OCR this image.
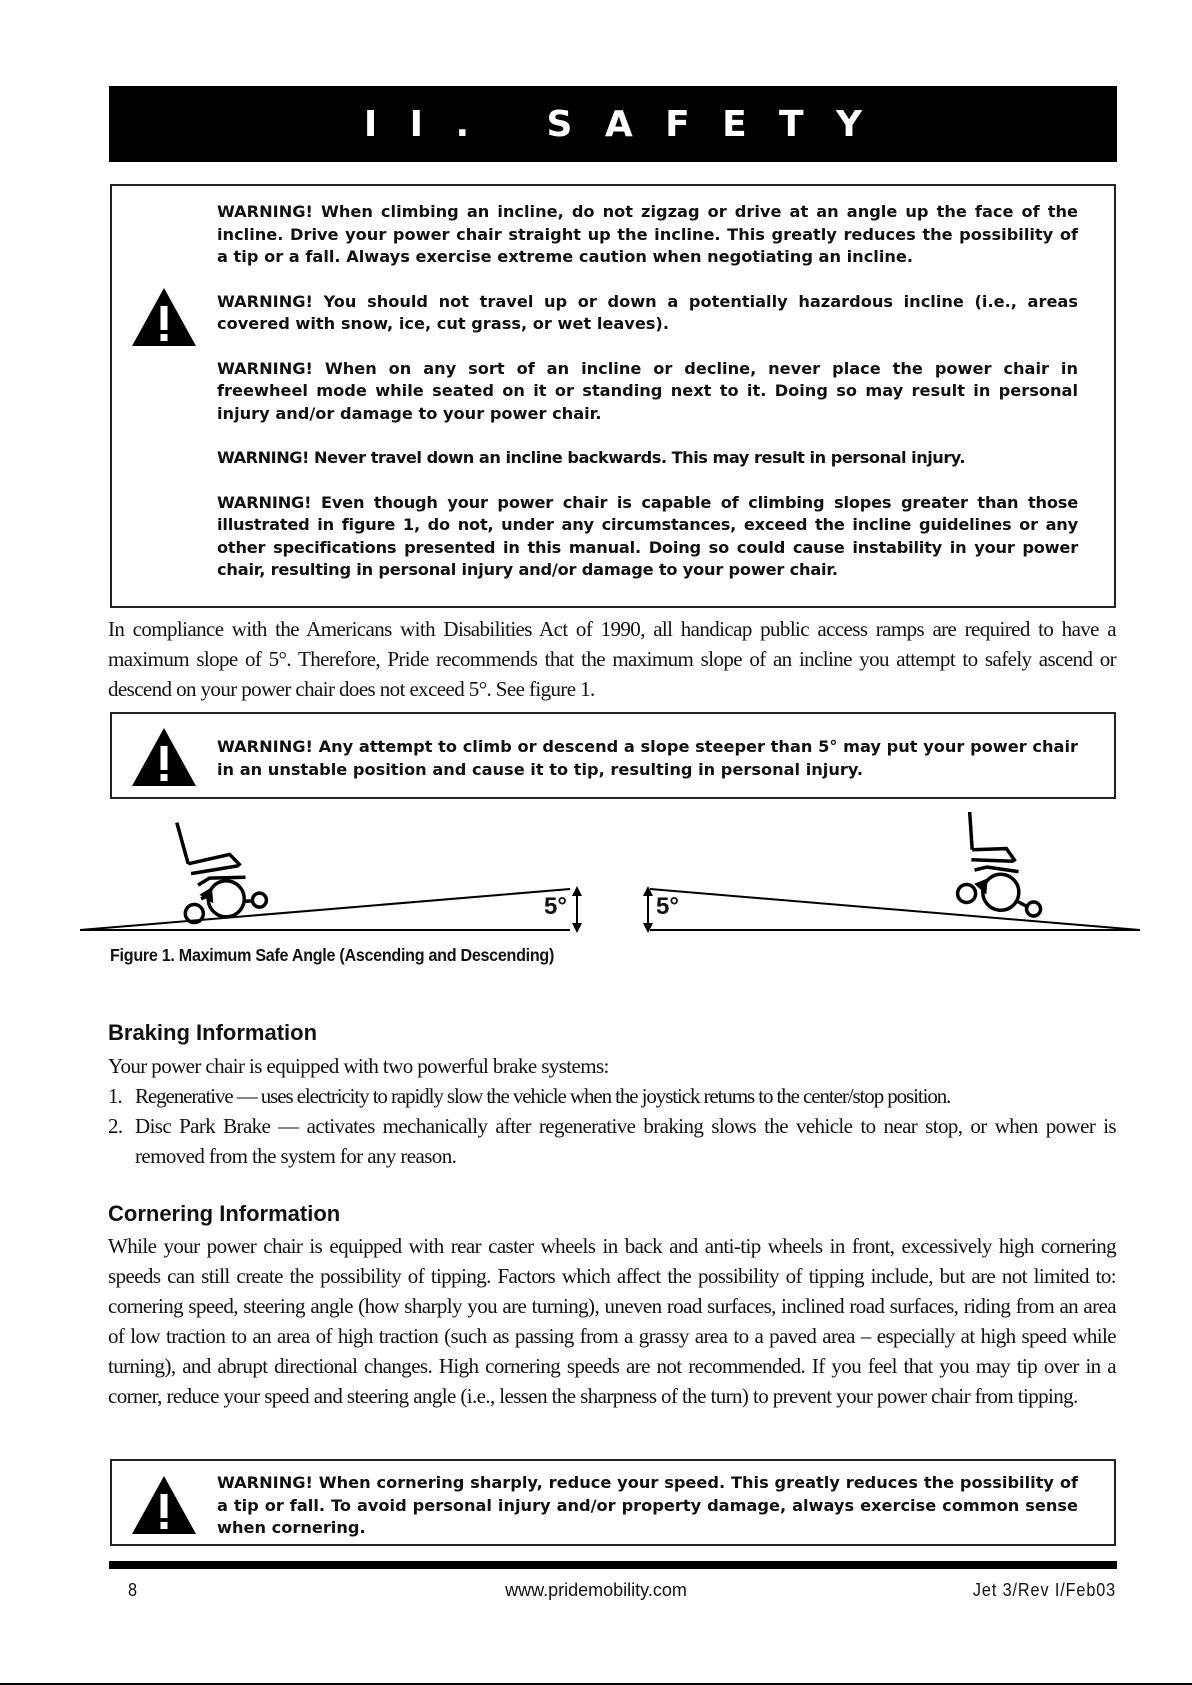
II. SAFETY

WARNING! When climbing an incline, do not zigzag or drive at an angle up the face of the incline. Drive your power chair straight up the incline. This greatly reduces the possibility of a tip or a fall. Always exercise extreme caution when negotiating an incline.

WARNING! You should not travel up or down a potentially hazardous incline (i.e., areas covered with snow, ice, cut grass, or wet leaves).

WARNING! When on any sort of an incline or decline, never place the power chair in freewheel mode while seated on it or standing next to it. Doing so may result in personal injury and/or damage to your power chair.

WARNING! Never travel down an incline backwards. This may result in personal injury.

WARNING! Even though your power chair is capable of climbing slopes greater than those illustrated in figure 1, do not, under any circumstances, exceed the incline guidelines or any other specifications presented in this manual. Doing so could cause instability in your power chair, resulting in personal injury and/or damage to your power chair.

In compliance with the Americans with Disabilities Act of 1990, all handicap public access ramps are required to have a maximum slope of 5°. Therefore, Pride recommends that the maximum slope of an incline you attempt to safely ascend or descend on your power chair does not exceed 5°. See figure 1.

WARNING! Any attempt to climb or descend a slope steeper than 5° may put your power chair in an unstable position and cause it to tip, resulting in personal injury.
5°	5°
Figure 1. Maximum Safe Angle (Ascending and Descending)
Braking Information

Your power chair is equipped with two powerful brake systems:

1. Regenerative — uses electricity to rapidly slow the vehicle when the joystick returns to the center/stop position.
2. Disc Park Brake — activates mechanically after regenerative braking slows the vehicle to near stop, or when power is removed from the system for any reason.
Cornering Information

While your power chair is equipped with rear caster wheels in back and anti-tip wheels in front, excessively high cornering speeds can still create the possibility of tipping. Factors which affect the possibility of tipping include, but are not limited to: cornering speed, steering angle (how sharply you are turning), uneven road surfaces, inclined road surfaces, riding from an area of low traction to an area of high traction (such as passing from a grassy area to a paved area – especially at high speed while turning), and abrupt directional changes. High cornering speeds are not recommended. If you feel that you may tip over in a corner, reduce your speed and steering angle (i.e., lessen the sharpness of the turn) to prevent your power chair from tipping.

WARNING! When cornering sharply, reduce your speed. This greatly reduces the possibility of a tip or fall. To avoid personal injury and/or property damage, always exercise common sense when cornering.
8	www.pridemobility.com	Jet 3/Rev I/Feb03
